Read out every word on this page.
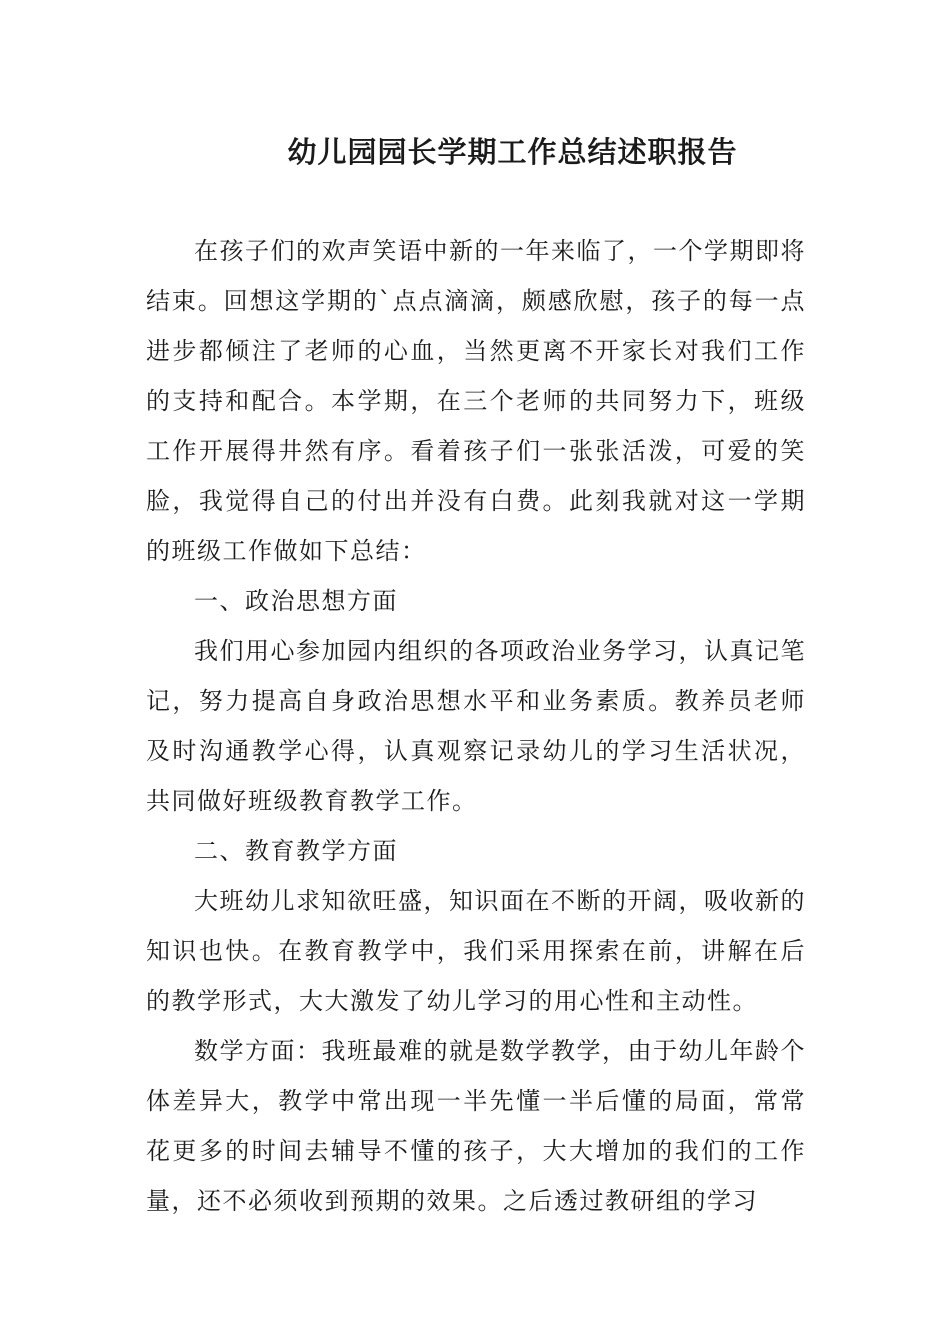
幼儿园园长学期工作总结述职报告

在孩子们的欢声笑语中新的一年来临了，一个学期即将结束。回想这学期的`点点滴滴，颇感欣慰，孩子的每一点进步都倾注了老师的心血，当然更离不开家长对我们工作的支持和配合。本学期，在三个老师的共同努力下，班级工作开展得井然有序。看着孩子们一张张活泼，可爱的笑脸，我觉得自己的付出并没有白费。此刻我就对这一学期的班级工作做如下总结：

一、政治思想方面

我们用心参加园内组织的各项政治业务学习，认真记笔记，努力提高自身政治思想水平和业务素质。教养员老师及时沟通教学心得，认真观察记录幼儿的学习生活状况，共同做好班级教育教学工作。

二、教育教学方面

大班幼儿求知欲旺盛，知识面在不断的开阔，吸收新的知识也快。在教育教学中，我们采用探索在前，讲解在后的教学形式，大大激发了幼儿学习的用心性和主动性。

数学方面：我班最难的就是数学教学，由于幼儿年龄个体差异大，教学中常出现一半先懂一半后懂的局面，常常花更多的时间去辅导不懂的孩子，大大增加的我们的工作量，还不必须收到预期的效果。之后透过教研组的学习
